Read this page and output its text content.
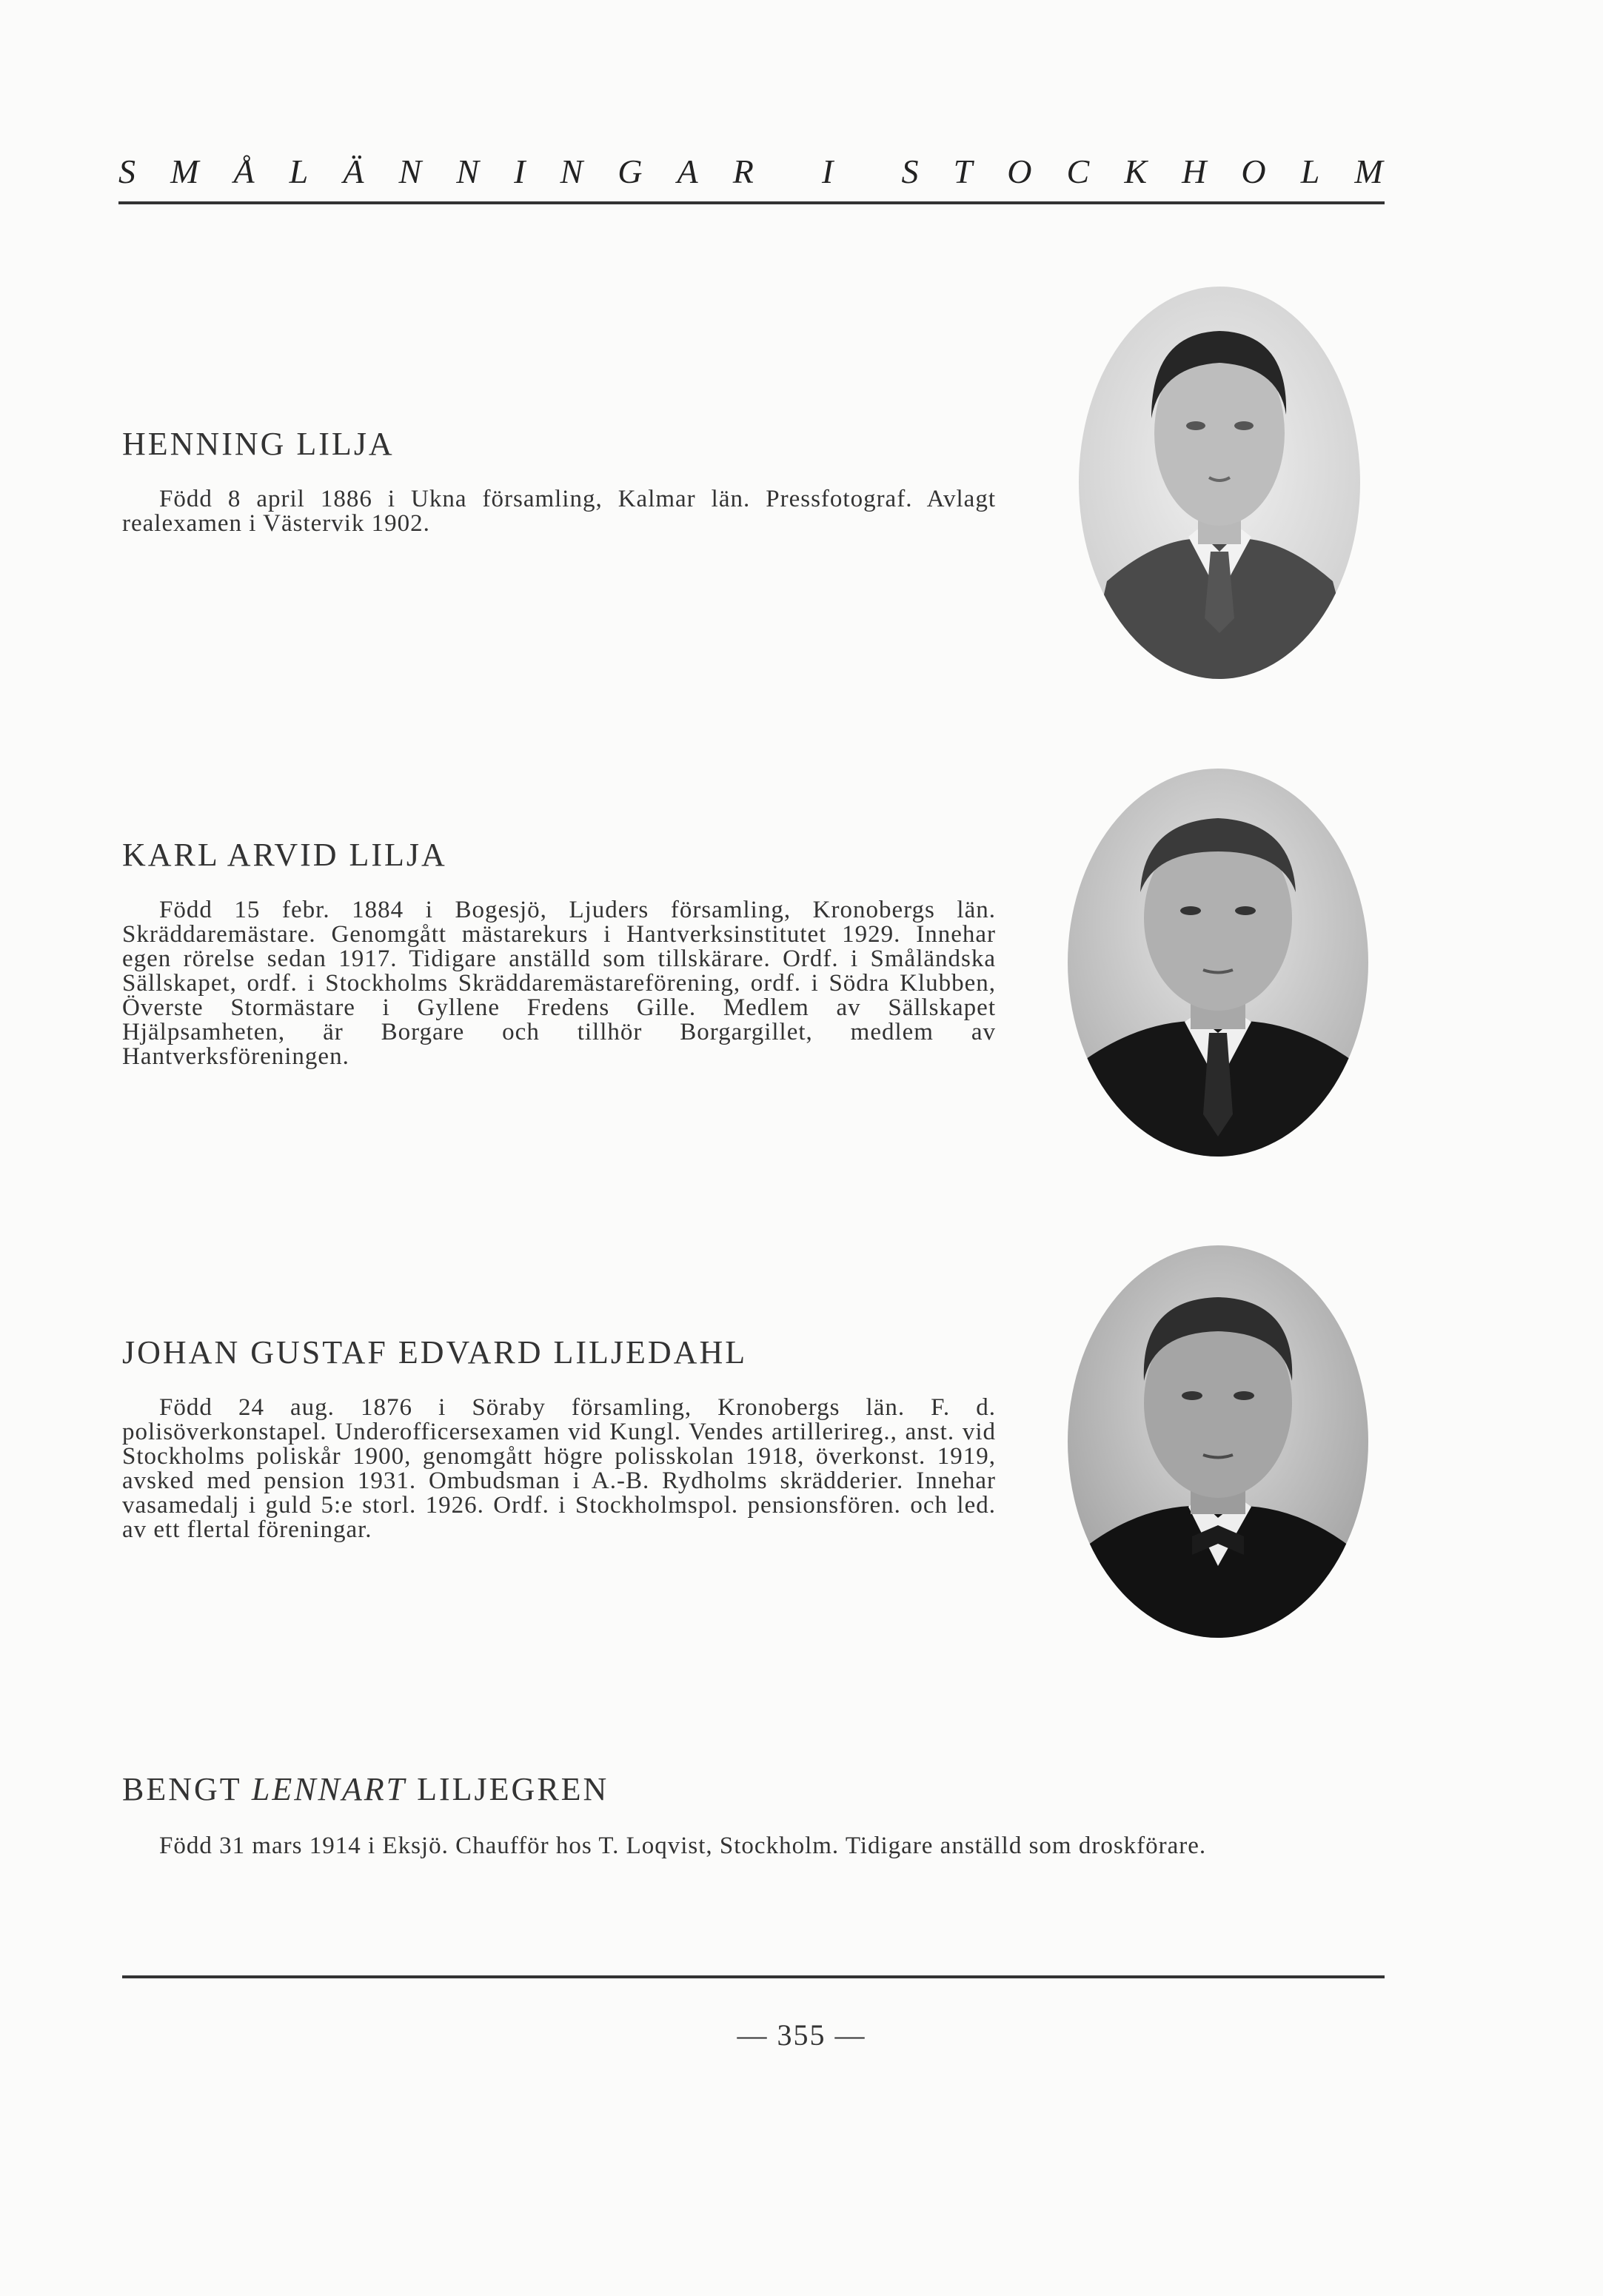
S M Å L Ä N N I N G A R I S T O C K H O L M
HENNING LILJA
Född 8 april 1886 i Ukna församling, Kalmar län. Pressfotograf. Avlagt realexamen i Västervik 1902.
KARL ARVID LILJA
Född 15 febr. 1884 i Bogesjö, Ljuders församling, Kronobergs län. Skräddaremästare. Genomgått mästarekurs i Hantverksinstitutet 1929. Innehar egen rörelse sedan 1917. Tidigare anställd som tillskärare. Ordf. i Småländska Sällskapet, ordf. i Stockholms Skräddaremästareförening, ordf. i Södra Klubben, Överste Stormästare i Gyllene Fredens Gille. Medlem av Sällskapet Hjälpsamheten, är Borgare och tillhör Borgargillet, medlem av Hantverksföreningen.
JOHAN GUSTAF EDVARD LILJEDAHL
Född 24 aug. 1876 i Söraby församling, Kronobergs län. F. d. polisöverkonstapel. Underofficersexamen vid Kungl. Vendes artillerireg., anst. vid Stockholms poliskår 1900, genomgått högre polisskolan 1918, överkonst. 1919, avsked med pension 1931. Ombudsman i A.-B. Rydholms skrädderier. Innehar vasamedalj i guld 5:e storl. 1926. Ordf. i Stockholmspol. pensionsfören. och led. av ett flertal föreningar.
BENGT LENNART LILJEGREN
Född 31 mars 1914 i Eksjö. Chaufför hos T. Loqvist, Stockholm. Tidigare anställd som droskförare.
— 355 —
